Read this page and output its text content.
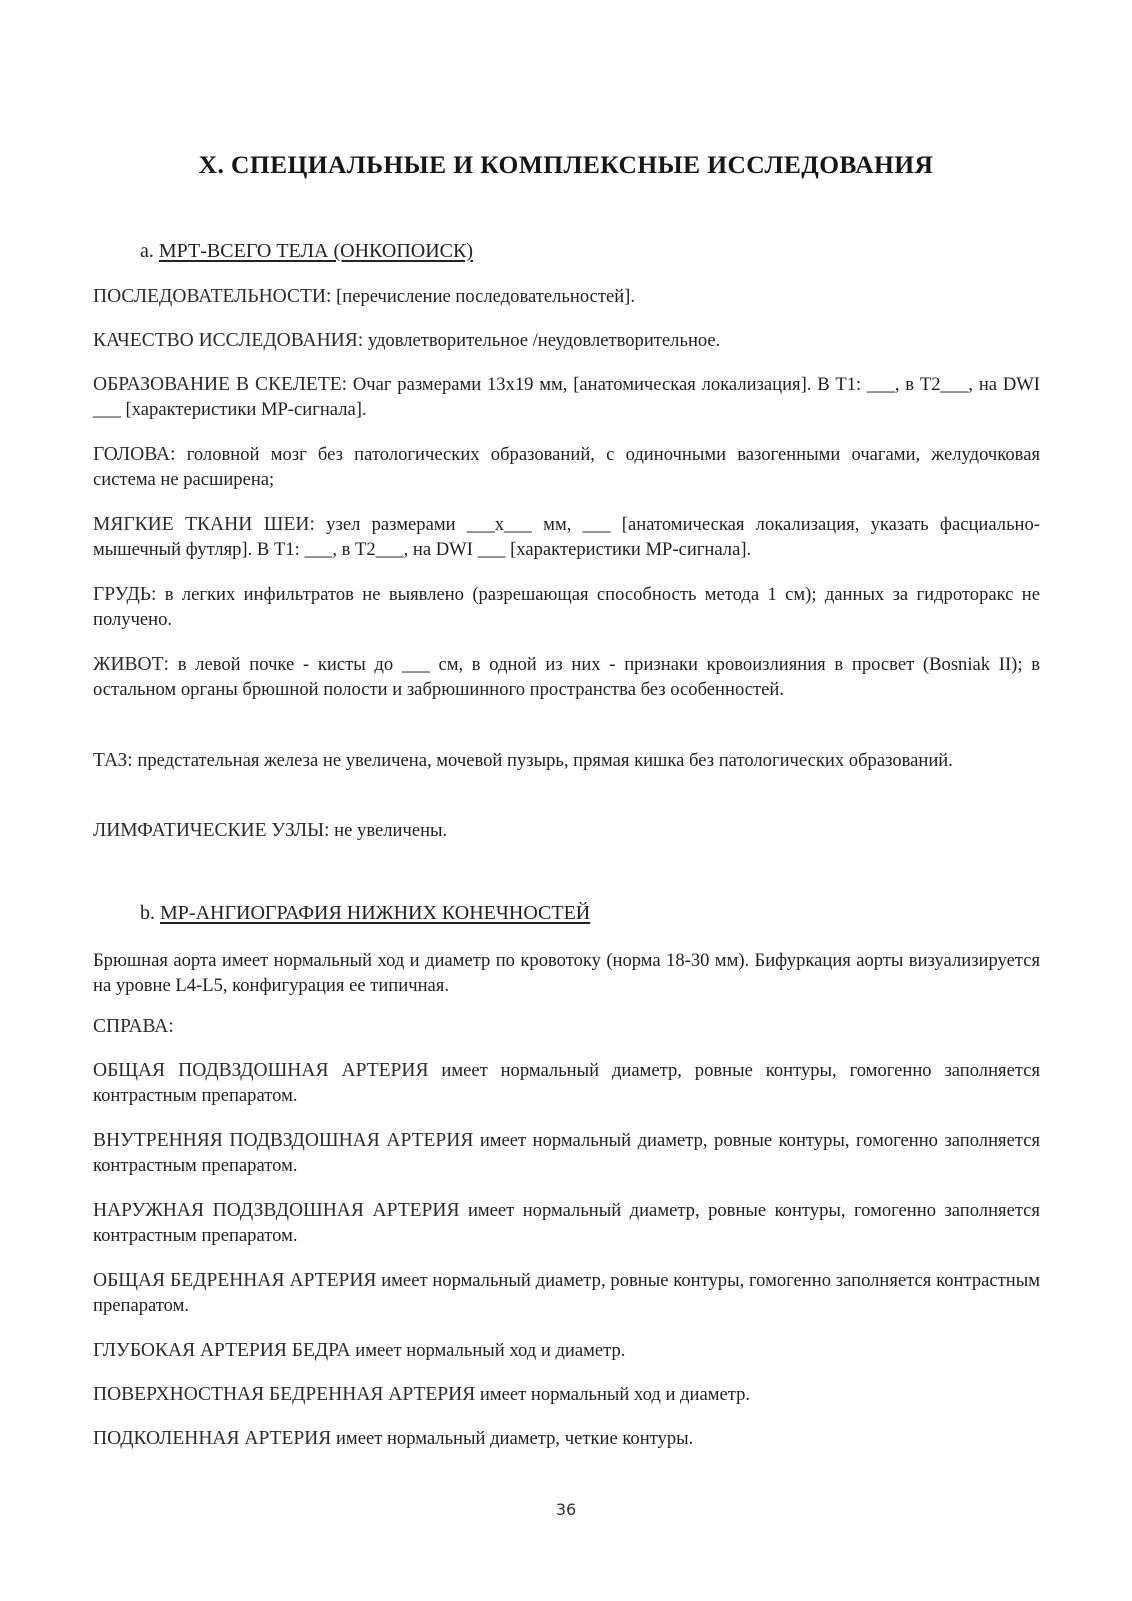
X. СПЕЦИАЛЬНЫЕ И КОМПЛЕКСНЫЕ ИССЛЕДОВАНИЯ
a. МРТ-ВСЕГО ТЕЛА (ОНКОПОИСК)
ПОСЛЕДОВАТЕЛЬНОСТИ: [перечисление последовательностей].
КАЧЕСТВО ИССЛЕДОВАНИЯ: удовлетворительное /неудовлетворительное.
ОБРАЗОВАНИЕ В СКЕЛЕТЕ: Очаг размерами 13x19 мм, [анатомическая локализация]. В T1: ___, в T2___, на DWI ___ [характеристики МР-сигнала].
ГОЛОВА: головной мозг без патологических образований, с одиночными вазогенными очагами, желудочковая система не расширена;
МЯГКИЕ ТКАНИ ШЕИ: узел размерами ___x___ мм, ___ [анатомическая локализация, указать фасциально-мышечный футляр]. В T1: ___, в T2___, на DWI ___ [характеристики МР-сигнала].
ГРУДЬ: в легких инфильтратов не выявлено (разрешающая способность метода 1 см); данных за гидроторакс не получено.
ЖИВОТ: в левой почке - кисты до ___ см, в одной из них - признаки кровоизлияния в просвет (Bosniak II); в остальном органы брюшной полости и забрюшинного пространства без особенностей.
ТАЗ: предстательная железа не увеличена, мочевой пузырь, прямая кишка без патологических образований.
ЛИМФАТИЧЕСКИЕ УЗЛЫ: не увеличены.
b. МР-АНГИОГРАФИЯ НИЖНИХ КОНЕЧНОСТЕЙ
Брюшная аорта имеет нормальный ход и диаметр по кровотоку (норма 18-30 мм). Бифуркация аорты визуализируется на уровне L4-L5, конфигурация ее типичная.
СПРАВА:
ОБЩАЯ ПОДВЗДОШНАЯ АРТЕРИЯ имеет нормальный диаметр, ровные контуры, гомогенно заполняется контрастным препаратом.
ВНУТРЕННЯЯ ПОДВЗДОШНАЯ АРТЕРИЯ имеет нормальный диаметр, ровные контуры, гомогенно заполняется контрастным препаратом.
НАРУЖНАЯ ПОДЗВДОШНАЯ АРТЕРИЯ имеет нормальный диаметр, ровные контуры, гомогенно заполняется контрастным препаратом.
ОБЩАЯ БЕДРЕННАЯ АРТЕРИЯ имеет нормальный диаметр, ровные контуры, гомогенно заполняется контрастным препаратом.
ГЛУБОКАЯ АРТЕРИЯ БЕДРА имеет нормальный ход и диаметр.
ПОВЕРХНОСТНАЯ БЕДРЕННАЯ АРТЕРИЯ имеет нормальный ход и диаметр.
ПОДКОЛЕННАЯ АРТЕРИЯ имеет нормальный диаметр, четкие контуры.
36
